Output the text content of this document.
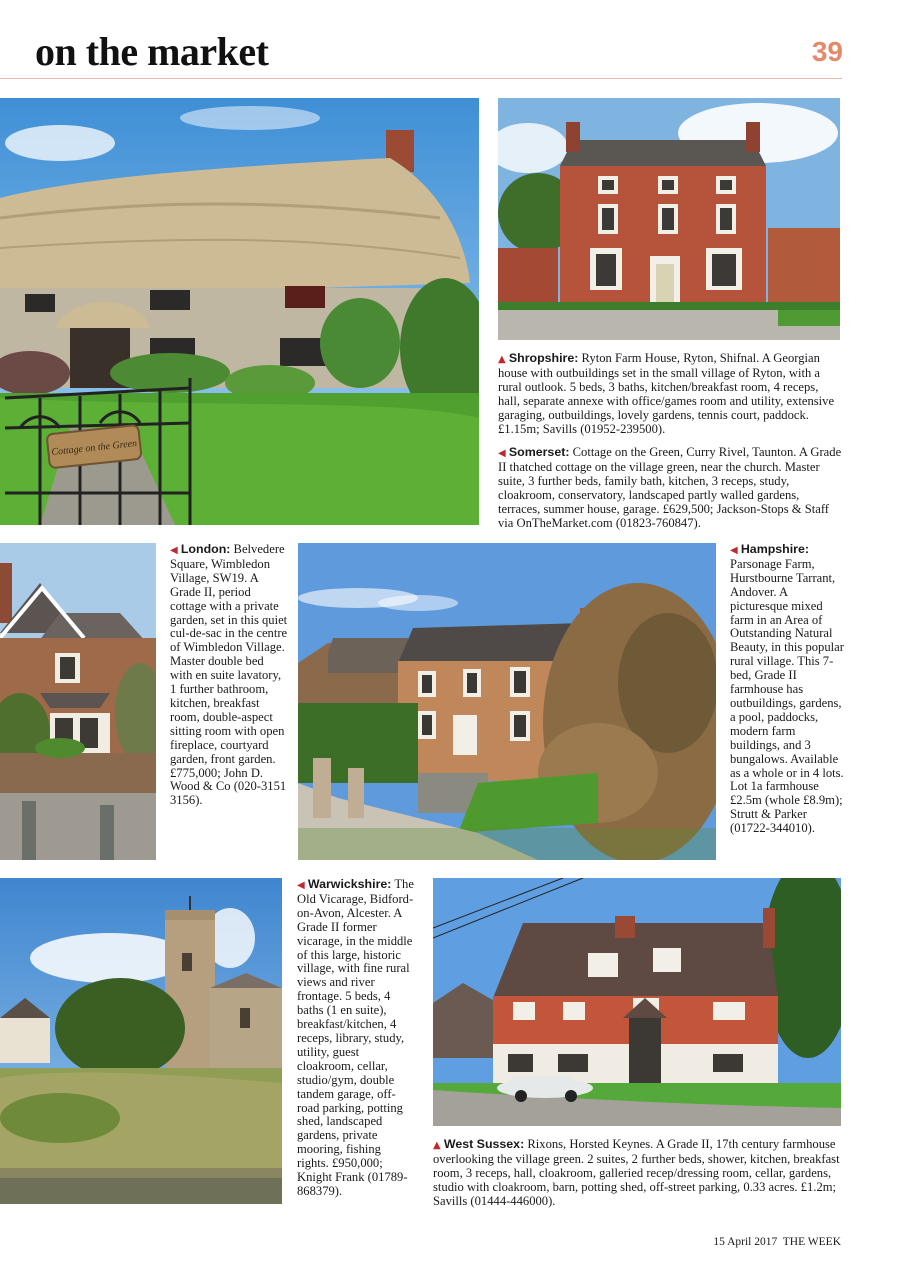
on the market	39
Cottage on the Green
▲ Shropshire: Ryton Farm House, Ryton, Shifnal. A Georgian house with outbuildings set in the small village of Ryton, with a rural outlook. 5 beds, 3 baths, kitchen/breakfast room, 4 receps, hall, separate annexe with office/games room and utility, extensive garaging, outbuildings, lovely gardens, tennis court, paddock. £1.15m; Savills (01952-239500).
◀ Somerset: Cottage on the Green, Curry Rivel, Taunton. A Grade II thatched cottage on the village green, near the church. Master suite, 3 further beds, family bath, kitchen, 3 receps, study, cloakroom, conservatory, landscaped partly walled gardens, terraces, summer house, garage. £629,500; Jackson-Stops & Staff via OnTheMarket.com (01823-760847).
◀ London: Belvedere Square, Wimbledon Village, SW19. A Grade II, period cottage with a private garden, set in this quiet cul-de-sac in the centre of Wimbledon Village. Master double bed with en suite lavatory, 1 further bathroom, kitchen, breakfast room, double-aspect sitting room with open fireplace, courtyard garden, front garden. £775,000; John D. Wood & Co (020-3151 3156).
◀ Hampshire: Parsonage Farm, Hurstbourne Tarrant, Andover. A picturesque mixed farm in an Area of Outstanding Natural Beauty, in this popular rural village. This 7-bed, Grade II farmhouse has outbuildings, gardens, a pool, paddocks, modern farm buildings, and 3 bungalows. Available as a whole or in 4 lots. Lot 1a farmhouse £2.5m (whole £8.9m); Strutt & Parker (01722-344010).
◀ Warwickshire: The Old Vicarage, Bidford-on-Avon, Alcester. A Grade II former vicarage, in the middle of this large, historic village, with fine rural views and river frontage. 5 beds, 4 baths (1 en suite), breakfast/kitchen, 4 receps, library, study, utility, guest cloakroom, cellar, studio/gym, double tandem garage, off-road parking, potting shed, landscaped gardens, private mooring, fishing rights. £950,000; Knight Frank (01789-868379).
▲ West Sussex: Rixons, Horsted Keynes. A Grade II, 17th century farmhouse overlooking the village green. 2 suites, 2 further beds, shower, kitchen, breakfast room, 3 receps, hall, cloakroom, galleried recep/dressing room, cellar, gardens, studio with cloakroom, barn, potting shed, off-street parking, 0.33 acres. £1.2m; Savills (01444-446000).
15 April 2017 THE WEEK
